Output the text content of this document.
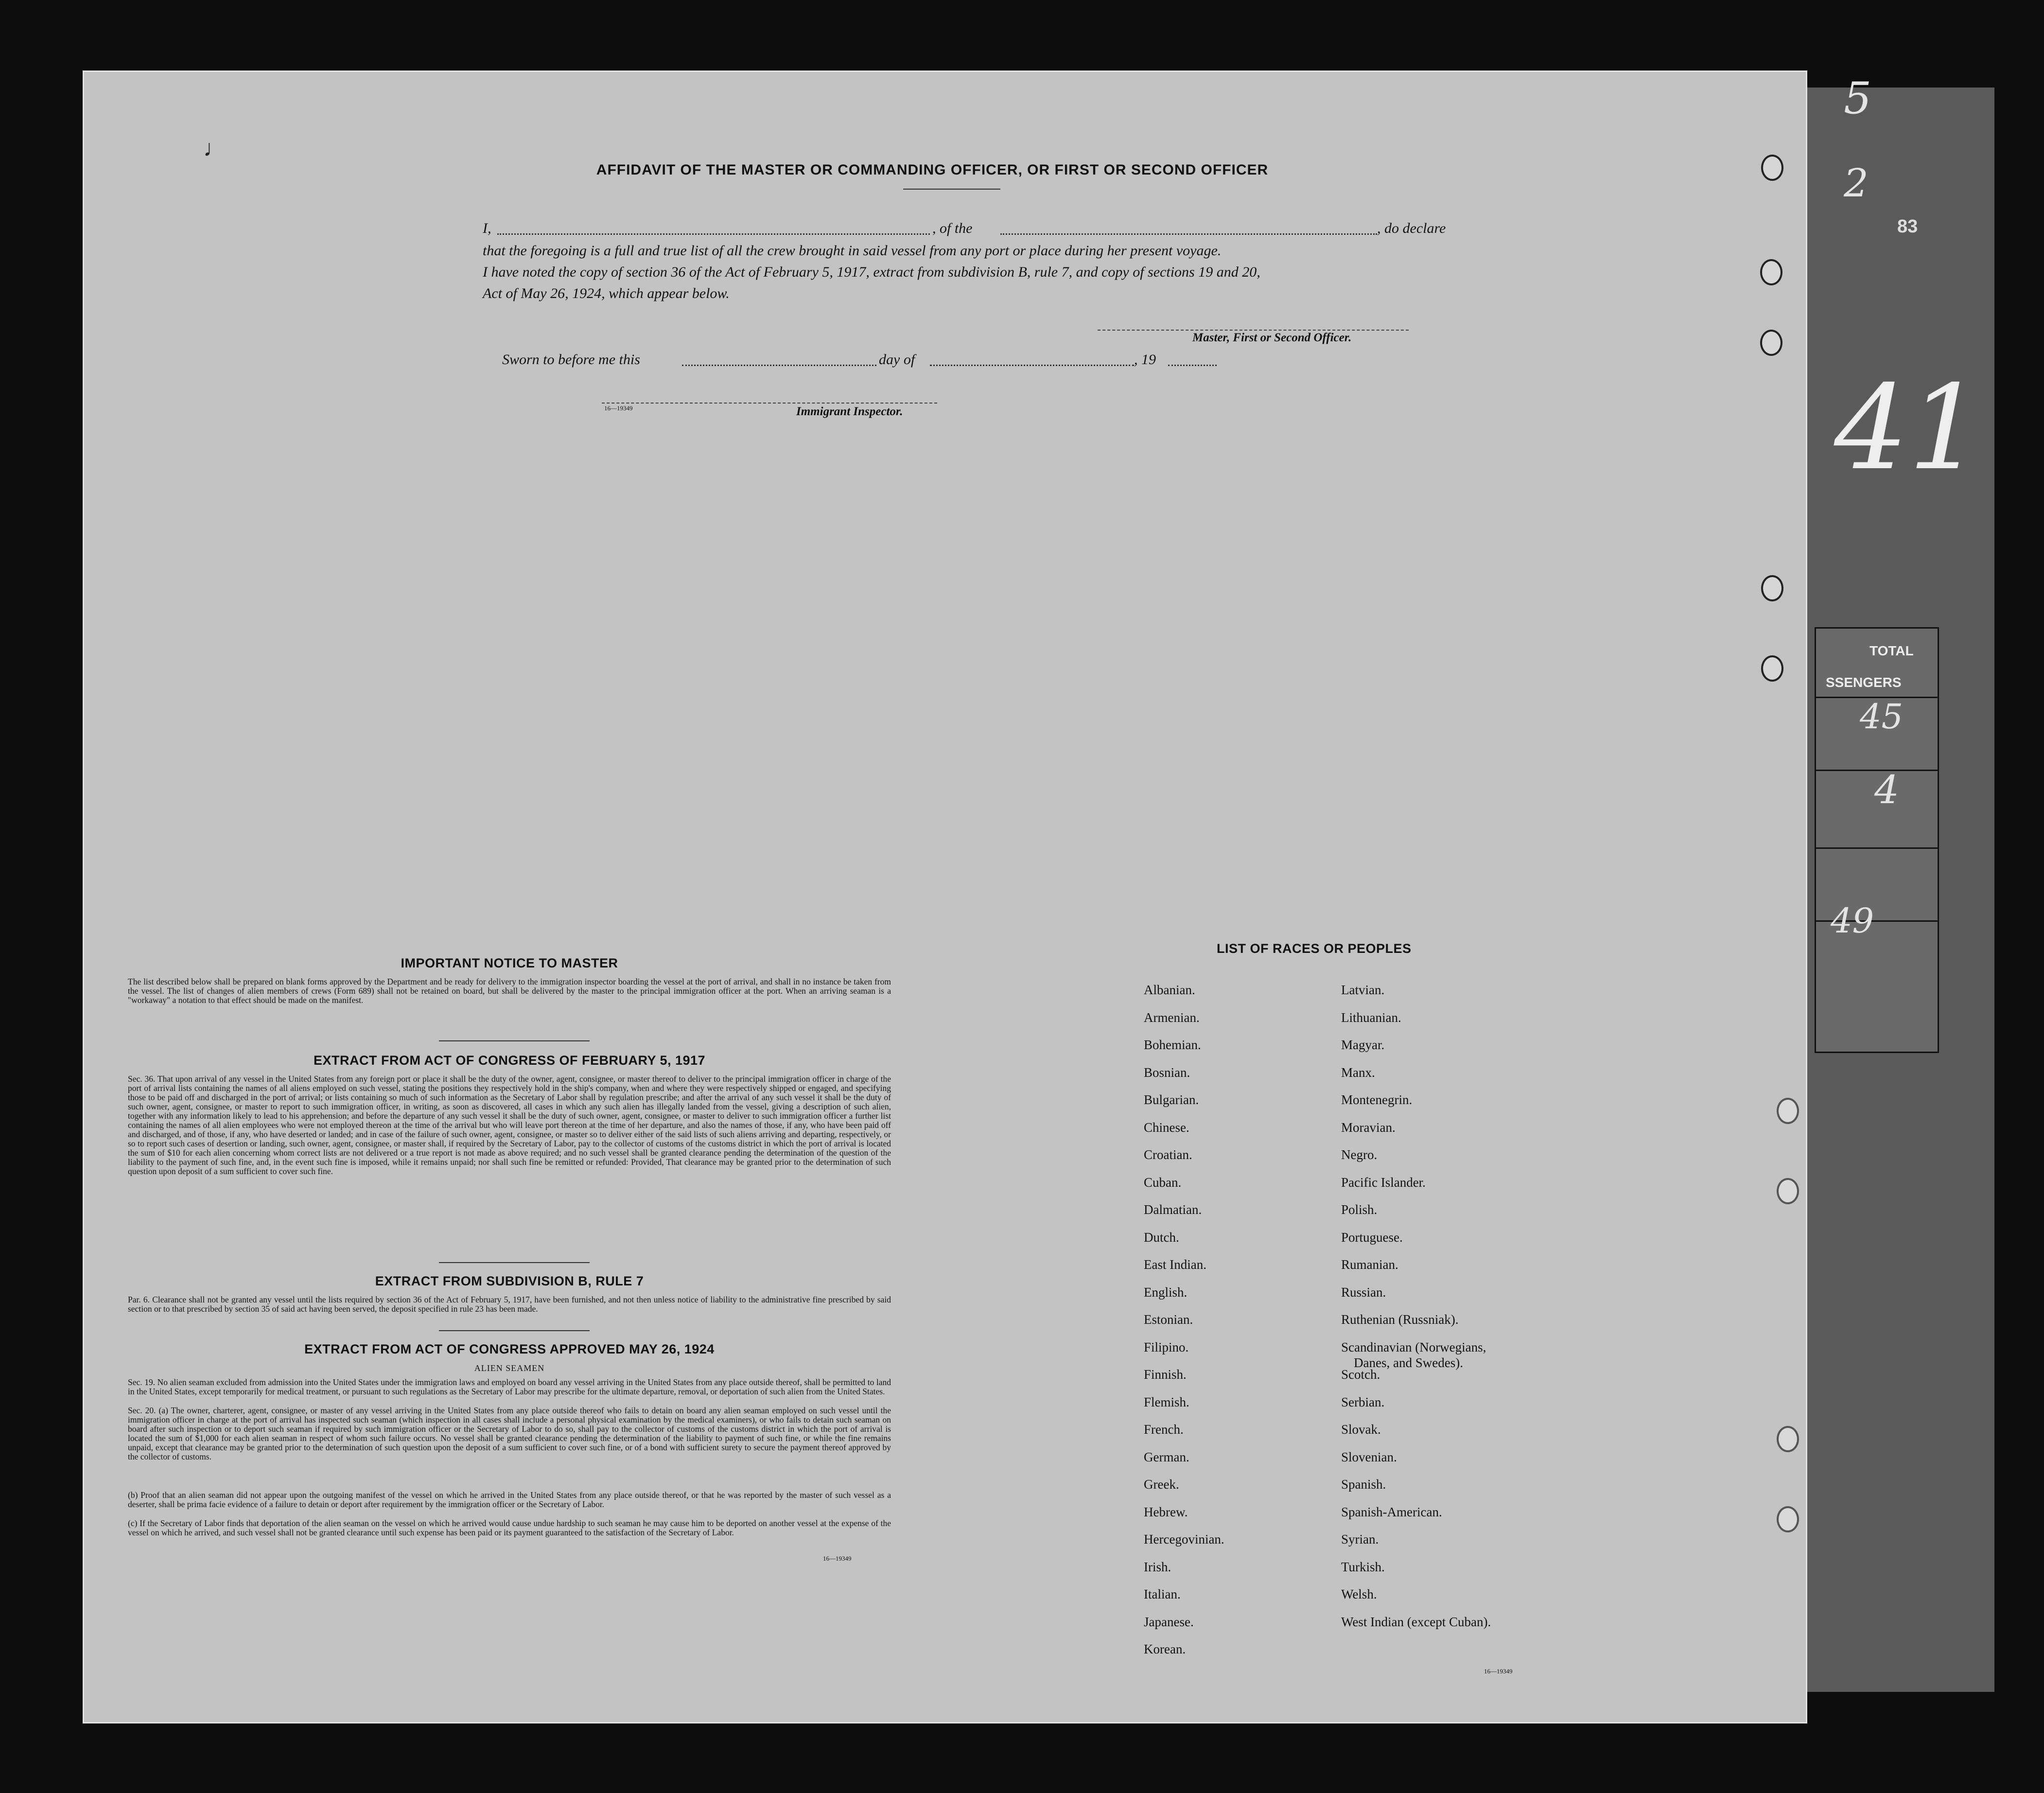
5
2
83
41
TOTAL
SSENGERS
45
4
49
♩
AFFIDAVIT OF THE MASTER OR COMMANDING OFFICER, OR FIRST OR SECOND OFFICER
I,	, of the	, do declare
that the foregoing is a full and true list of all the crew brought in said vessel from any port or place during her present voyage.
I have noted the copy of section 36 of the Act of February 5, 1917, extract from subdivision B, rule 7, and copy of sections 19 and 20,
Act of May 26, 1924, which appear below.
Master, First or Second Officer.
Sworn to before me this	day of	, 19
16—19349	Immigrant Inspector.
IMPORTANT NOTICE TO MASTER
The list described below shall be prepared on blank forms approved by the Department and be ready for delivery to the immigration inspector boarding the vessel at the port of arrival, and shall in no instance be taken from the vessel. The list of changes of alien members of crews (Form 689) shall not be retained on board, but shall be delivered by the master to the principal immigration officer at the port. When an arriving seaman is a "workaway" a notation to that effect should be made on the manifest.
EXTRACT FROM ACT OF CONGRESS OF FEBRUARY 5, 1917
Sec. 36. That upon arrival of any vessel in the United States from any foreign port or place it shall be the duty of the owner, agent, consignee, or master thereof to deliver to the principal immigration officer in charge of the port of arrival lists containing the names of all aliens employed on such vessel, stating the positions they respectively hold in the ship's company, when and where they were respectively shipped or engaged, and specifying those to be paid off and discharged in the port of arrival; or lists containing so much of such information as the Secretary of Labor shall by regulation prescribe; and after the arrival of any such vessel it shall be the duty of such owner, agent, consignee, or master to report to such immigration officer, in writing, as soon as discovered, all cases in which any such alien has illegally landed from the vessel, giving a description of such alien, together with any information likely to lead to his apprehension; and before the departure of any such vessel it shall be the duty of such owner, agent, consignee, or master to deliver to such immigration officer a further list containing the names of all alien employees who were not employed thereon at the time of the arrival but who will leave port thereon at the time of her departure, and also the names of those, if any, who have been paid off and discharged, and of those, if any, who have deserted or landed; and in case of the failure of such owner, agent, consignee, or master so to deliver either of the said lists of such aliens arriving and departing, respectively, or so to report such cases of desertion or landing, such owner, agent, consignee, or master shall, if required by the Secretary of Labor, pay to the collector of customs of the customs district in which the port of arrival is located the sum of $10 for each alien concerning whom correct lists are not delivered or a true report is not made as above required; and no such vessel shall be granted clearance pending the determination of the question of the liability to the payment of such fine, and, in the event such fine is imposed, while it remains unpaid; nor shall such fine be remitted or refunded: Provided, That clearance may be granted prior to the determination of such question upon deposit of a sum sufficient to cover such fine.
EXTRACT FROM SUBDIVISION B, RULE 7
Par. 6. Clearance shall not be granted any vessel until the lists required by section 36 of the Act of February 5, 1917, have been furnished, and not then unless notice of liability to the administrative fine prescribed by said section or to that prescribed by section 35 of said act having been served, the deposit specified in rule 23 has been made.
EXTRACT FROM ACT OF CONGRESS APPROVED MAY 26, 1924
ALIEN SEAMEN
Sec. 19. No alien seaman excluded from admission into the United States under the immigration laws and employed on board any vessel arriving in the United States from any place outside thereof, shall be permitted to land in the United States, except temporarily for medical treatment, or pursuant to such regulations as the Secretary of Labor may prescribe for the ultimate departure, removal, or deportation of such alien from the United States.
Sec. 20. (a) The owner, charterer, agent, consignee, or master of any vessel arriving in the United States from any place outside thereof who fails to detain on board any alien seaman employed on such vessel until the immigration officer in charge at the port of arrival has inspected such seaman (which inspection in all cases shall include a personal physical examination by the medical examiners), or who fails to detain such seaman on board after such inspection or to deport such seaman if required by such immigration officer or the Secretary of Labor to do so, shall pay to the collector of customs of the customs district in which the port of arrival is located the sum of $1,000 for each alien seaman in respect of whom such failure occurs. No vessel shall be granted clearance pending the determination of the liability to payment of such fine, or while the fine remains unpaid, except that clearance may be granted prior to the determination of such question upon the deposit of a sum sufficient to cover such fine, or of a bond with sufficient surety to secure the payment thereof approved by the collector of customs.
(b) Proof that an alien seaman did not appear upon the outgoing manifest of the vessel on which he arrived in the United States from any place outside thereof, or that he was reported by the master of such vessel as a deserter, shall be prima facie evidence of a failure to detain or deport after requirement by the immigration officer or the Secretary of Labor.
(c) If the Secretary of Labor finds that deportation of the alien seaman on the vessel on which he arrived would cause undue hardship to such seaman he may cause him to be deported on another vessel at the expense of the vessel on which he arrived, and such vessel shall not be granted clearance until such expense has been paid or its payment guaranteed to the satisfaction of the Secretary of Labor.
16—19349
LIST OF RACES OR PEOPLES
16—19349
Albanian.
Armenian.
Bohemian.
Bosnian.
Bulgarian.
Chinese.
Croatian.
Cuban.
Dalmatian.
Dutch.
East Indian.
English.
Estonian.
Filipino.
Finnish.
Flemish.
French.
German.
Greek.
Hebrew.
Hercegovinian.
Irish.
Italian.
Japanese.
Korean.
Latvian.
Lithuanian.
Magyar.
Manx.
Montenegrin.
Moravian.
Negro.
Pacific Islander.
Polish.
Portuguese.
Rumanian.
Russian.
Ruthenian (Russniak).
Scandinavian (Norwegians,
Danes, and Swedes).
Scotch.
Serbian.
Slovak.
Slovenian.
Spanish.
Spanish-American.
Syrian.
Turkish.
Welsh.
West Indian (except Cuban).
